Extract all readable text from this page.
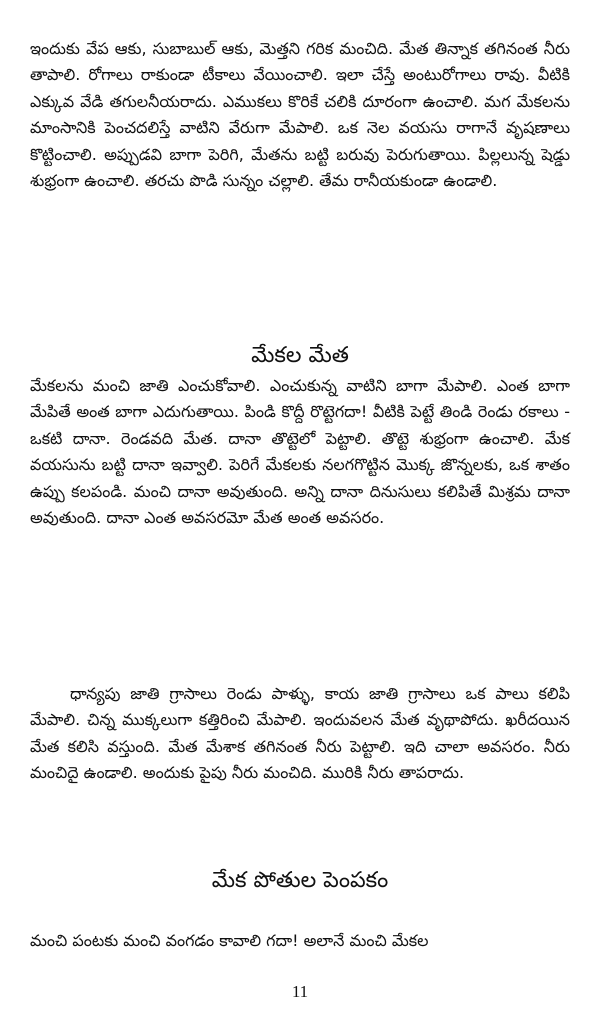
ఇందుకు వేప ఆకు, సుబాబుల్ ఆకు, మెత్తని గరిక మంచిది. మేత తిన్నాక తగినంత నీరు తాపాలి. రోగాలు రాకుండా టీకాలు వేయించాలి. ఇలా చేస్తే అంటురోగాలు రావు. వీటికి ఎక్కువ వేడి తగులనీయరాదు. ఎముకలు కొరికే చలికి దూరంగా ఉంచాలి. మగ మేకలను మాంసానికి పెంచదలిస్తే వాటిని వేరుగా మేపాలి. ఒక నెల వయసు రాగానే వృషణాలు కొట్టించాలి. అప్పుడవి బాగా పెరిగి, మేతను బట్టి బరువు పెరుగుతాయి. పిల్లలున్న షెడ్డు శుభ్రంగా ఉంచాలి. తరచు పొడి సున్నం చల్లాలి. తేమ రానీయకుండా ఉండాలి.

మేకల మేత

మేకలను మంచి జాతి ఎంచుకోవాలి. ఎంచుకున్న వాటిని బాగా మేపాలి. ఎంత బాగా మేపితే అంత బాగా ఎదుగుతాయి. పిండి కొద్దీ రొట్టెగదా! వీటికి పెట్టే తిండి రెండు రకాలు - ఒకటి దానా. రెండవది మేత. దానా తొట్టెలో పెట్టాలి. తొట్టె శుభ్రంగా ఉంచాలి. మేక వయసును బట్టి దానా ఇవ్వాలి. పెరిగే మేకలకు నలగగొట్టిన మొక్క జొన్నలకు, ఒక శాతం ఉప్పు కలపండి. మంచి దానా అవుతుంది. అన్ని దానా దినుసులు కలిపితే మిశ్రమ దానా అవుతుంది. దానా ఎంత అవసరమో మేత అంత అవసరం.

ధాన్యపు జాతి గ్రాసాలు రెండు పాళ్ళు, కాయ జాతి గ్రాసాలు ఒక పాలు కలిపి మేపాలి. చిన్న ముక్కలుగా కత్తిరించి మేపాలి. ఇందువలన మేత వృథాపోదు. ఖరీదయిన మేత కలిసి వస్తుంది. మేత మేశాక తగినంత నీరు పెట్టాలి. ఇది చాలా అవసరం. నీరు మంచిదై ఉండాలి. అందుకు పైపు నీరు మంచిది. మురికి నీరు తాపరాదు.

మేక పోతుల పెంపకం

మంచి పంటకు మంచి వంగడం కావాలి గదా! అలానే మంచి మేకల

11
